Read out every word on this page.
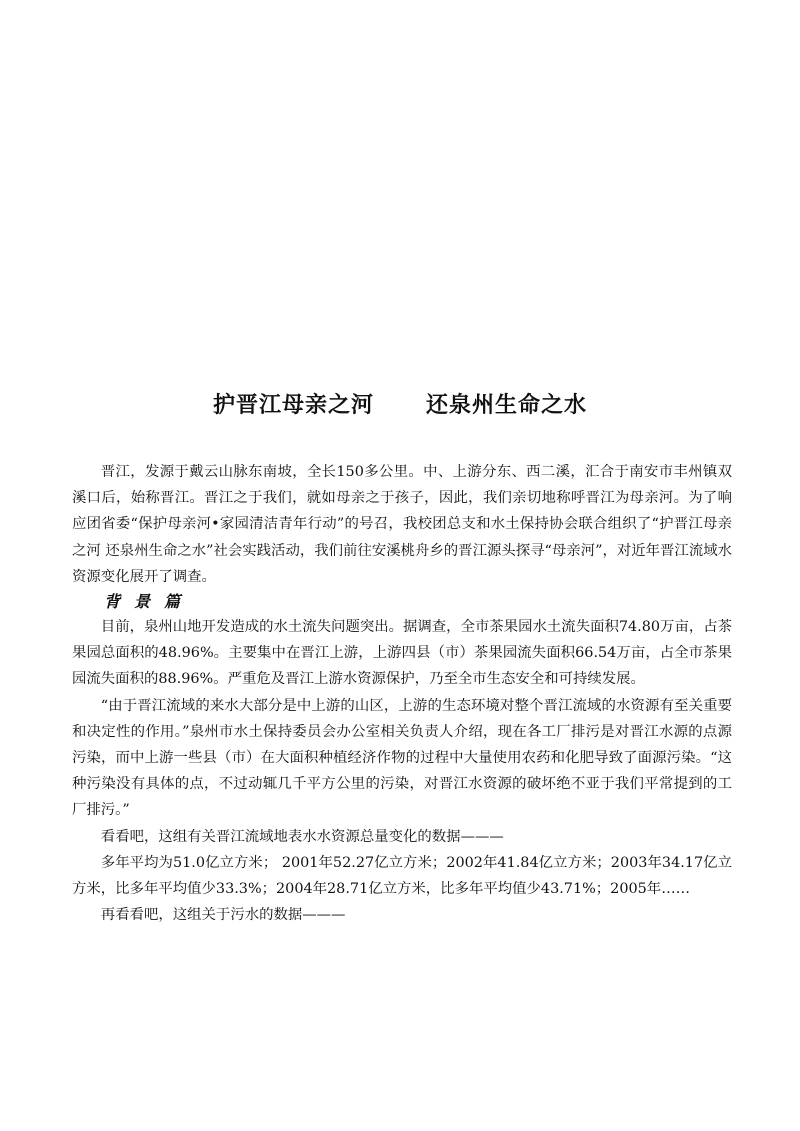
护晋江母亲之河      还泉州生命之水

晋江，发源于戴云山脉东南坡，全长150多公里。中、上游分东、西二溪，汇合于南安市丰州镇双溪口后，始称晋江。晋江之于我们，就如母亲之于孩子，因此，我们亲切地称呼晋江为母亲河。为了响应团省委“保护母亲河•家园清洁青年行动”的号召，我校团总支和水土保持协会联合组织了“护晋江母亲之河 还泉州生命之水”社会实践活动，我们前往安溪桃舟乡的晋江源头探寻“母亲河”，对近年晋江流域水资源变化展开了调查。

背景篇

目前，泉州山地开发造成的水土流失问题突出。据调查，全市茶果园水土流失面积74.80万亩，占茶果园总面积的48.96%。主要集中在晋江上游，上游四县（市）茶果园流失面积66.54万亩，占全市茶果园流失面积的88.96%。严重危及晋江上游水资源保护，乃至全市生态安全和可持续发展。

“由于晋江流域的来水大部分是中上游的山区，上游的生态环境对整个晋江流域的水资源有至关重要和决定性的作用。”泉州市水土保持委员会办公室相关负责人介绍，现在各工厂排污是对晋江水源的点源污染，而中上游一些县（市）在大面积种植经济作物的过程中大量使用农药和化肥导致了面源污染。“这种污染没有具体的点，不过动辄几千平方公里的污染，对晋江水资源的破坏绝不亚于我们平常提到的工厂排污。”

看看吧，这组有关晋江流域地表水水资源总量变化的数据———

多年平均为51.0亿立方米； 2001年52.27亿立方米；2002年41.84亿立方米；2003年34.17亿立方米，比多年平均值少33.3%；2004年28.71亿立方米，比多年平均值少43.71%；2005年……

再看看吧，这组关于污水的数据———
